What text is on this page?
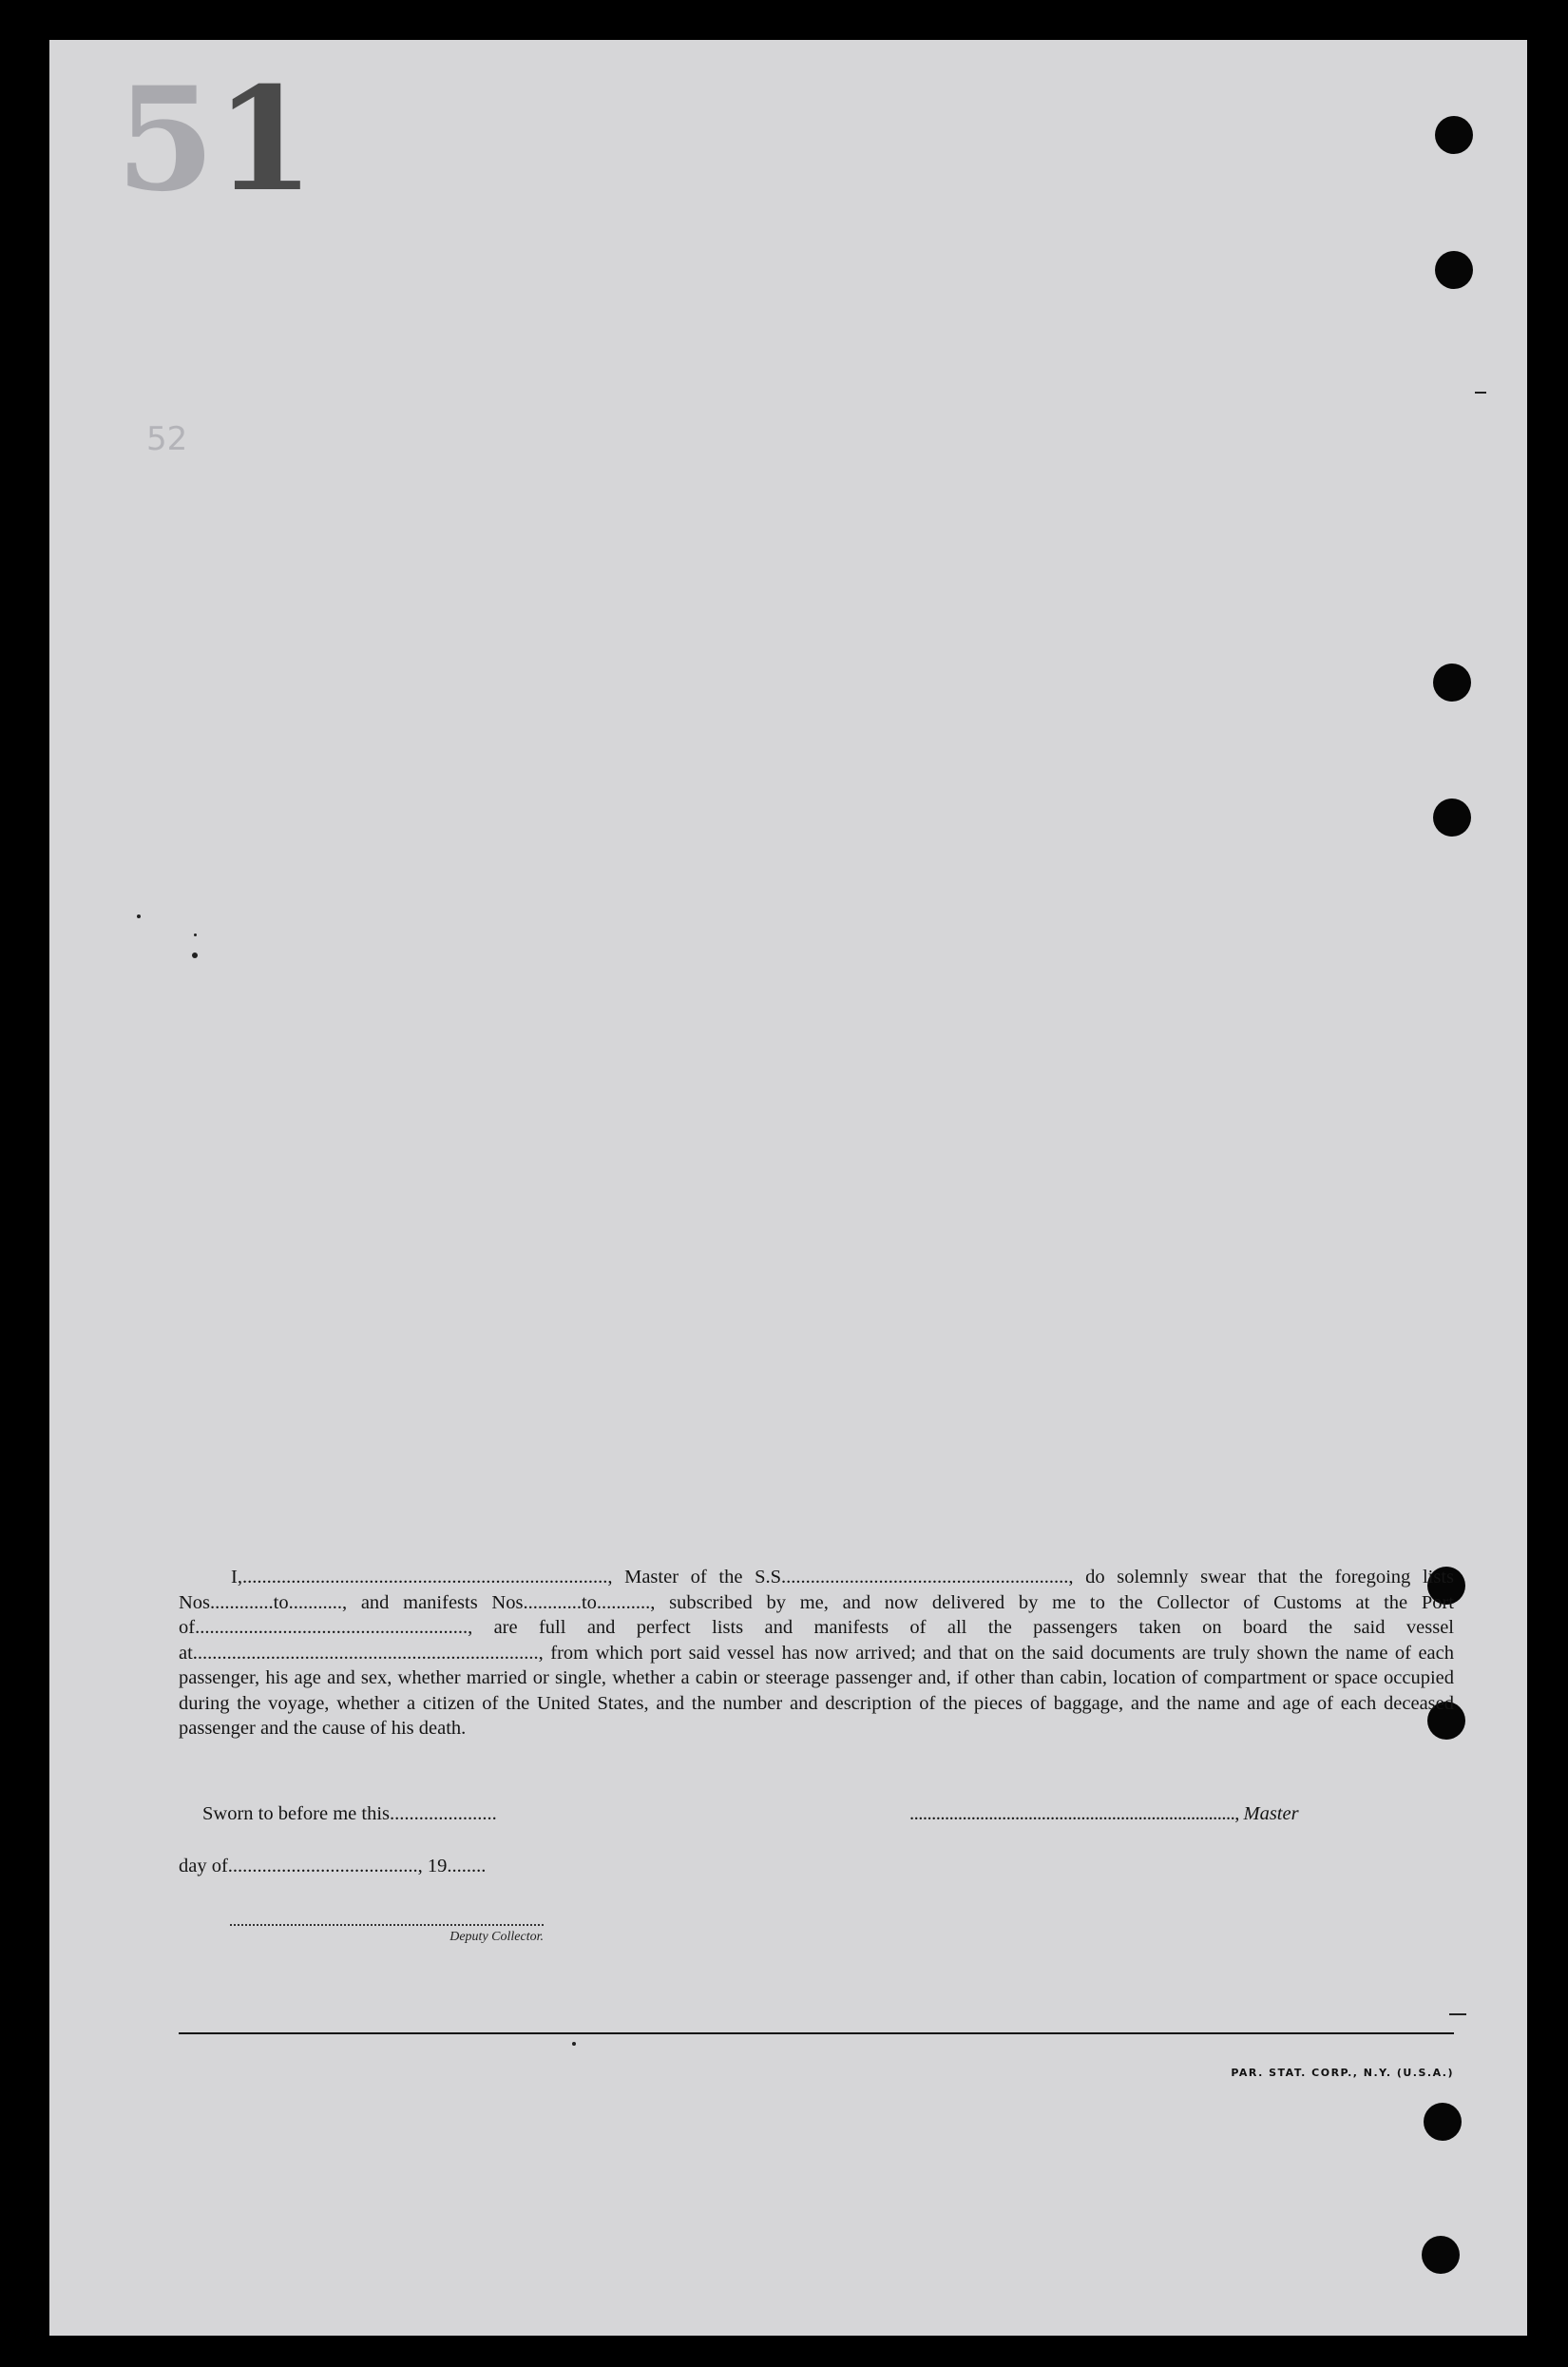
51
52

I,..........................................................................., Master of the S.S..........................................................., do solemnly swear that the foregoing lists Nos.............to..........., and manifests Nos............to..........., subscribed by me, and now delivered by me to the Collector of Customs at the Port of........................................................, are full and perfect lists and manifests of all the passengers taken on board the said vessel at......................................................................., from which port said vessel has now arrived; and that on the said documents are truly shown the name of each passenger, his age and sex, whether married or single, whether a cabin or steerage passenger and, if other than cabin, location of compartment or space occupied during the voyage, whether a citizen of the United States, and the number and description of the pieces of baggage, and the name and age of each deceased passenger and the cause of his death.

Sworn to before me this......................	.........................................................................., Master
day of......................................., 19........
Deputy Collector.
PAR. STAT. CORP., N.Y. (U.S.A.)
